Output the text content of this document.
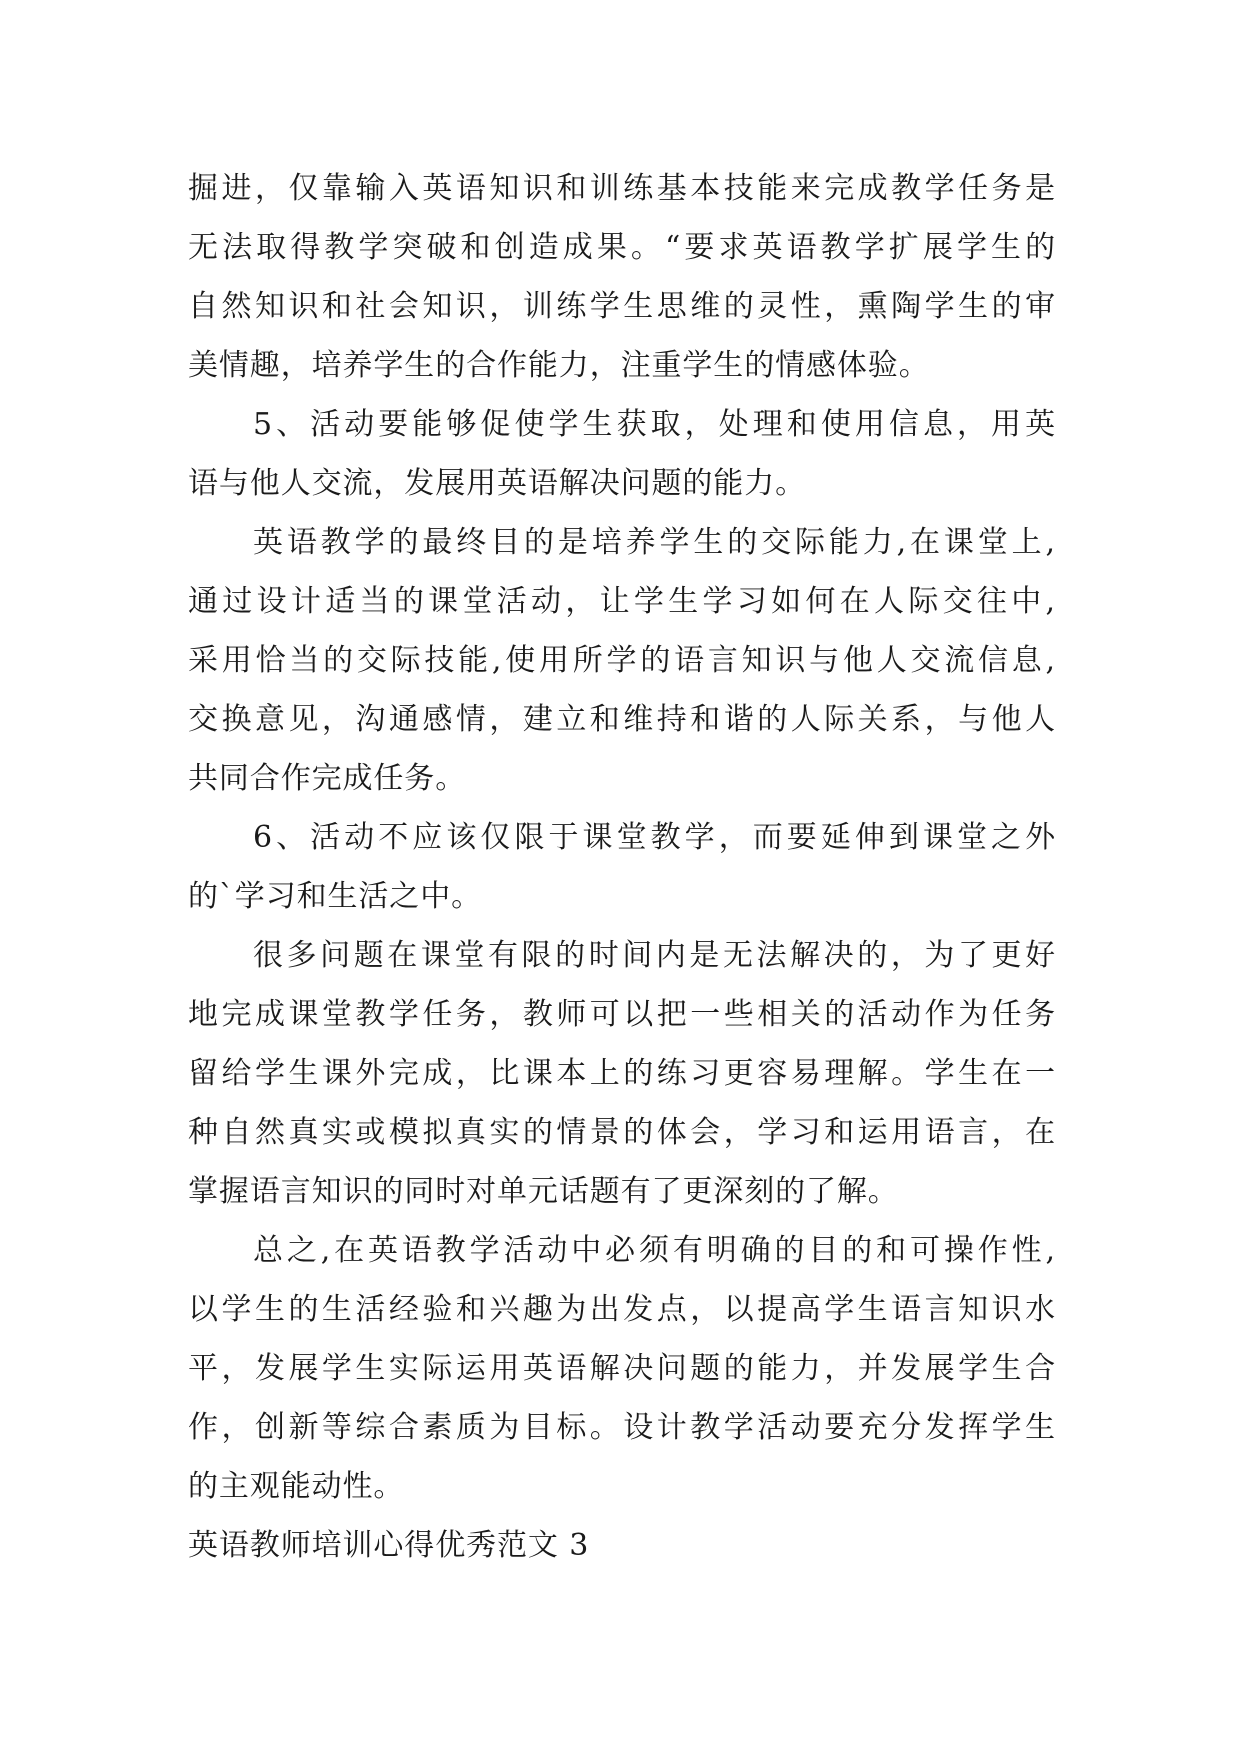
掘进，仅靠输入英语知识和训练基本技能来完成教学任务是
无法取得教学突破和创造成果。“要求英语教学扩展学生的
自然知识和社会知识，训练学生思维的灵性，熏陶学生的审
美情趣，培养学生的合作能力，注重学生的情感体验。
5、活动要能够促使学生获取，处理和使用信息，用英
语与他人交流，发展用英语解决问题的能力。
英语教学的最终目的是培养学生的交际能力,在课堂上,
通过设计适当的课堂活动，让学生学习如何在人际交往中,
采用恰当的交际技能,使用所学的语言知识与他人交流信息,
交换意见，沟通感情，建立和维持和谐的人际关系，与他人
共同合作完成任务。
6、活动不应该仅限于课堂教学，而要延伸到课堂之外
的`学习和生活之中。
很多问题在课堂有限的时间内是无法解决的，为了更好
地完成课堂教学任务，教师可以把一些相关的活动作为任务
留给学生课外完成，比课本上的练习更容易理解。学生在一
种自然真实或模拟真实的情景的体会，学习和运用语言，在
掌握语言知识的同时对单元话题有了更深刻的了解。
总之,在英语教学活动中必须有明确的目的和可操作性,
以学生的生活经验和兴趣为出发点，以提高学生语言知识水
平，发展学生实际运用英语解决问题的能力，并发展学生合
作，创新等综合素质为目标。设计教学活动要充分发挥学生
的主观能动性。
英语教师培训心得优秀范文 3
